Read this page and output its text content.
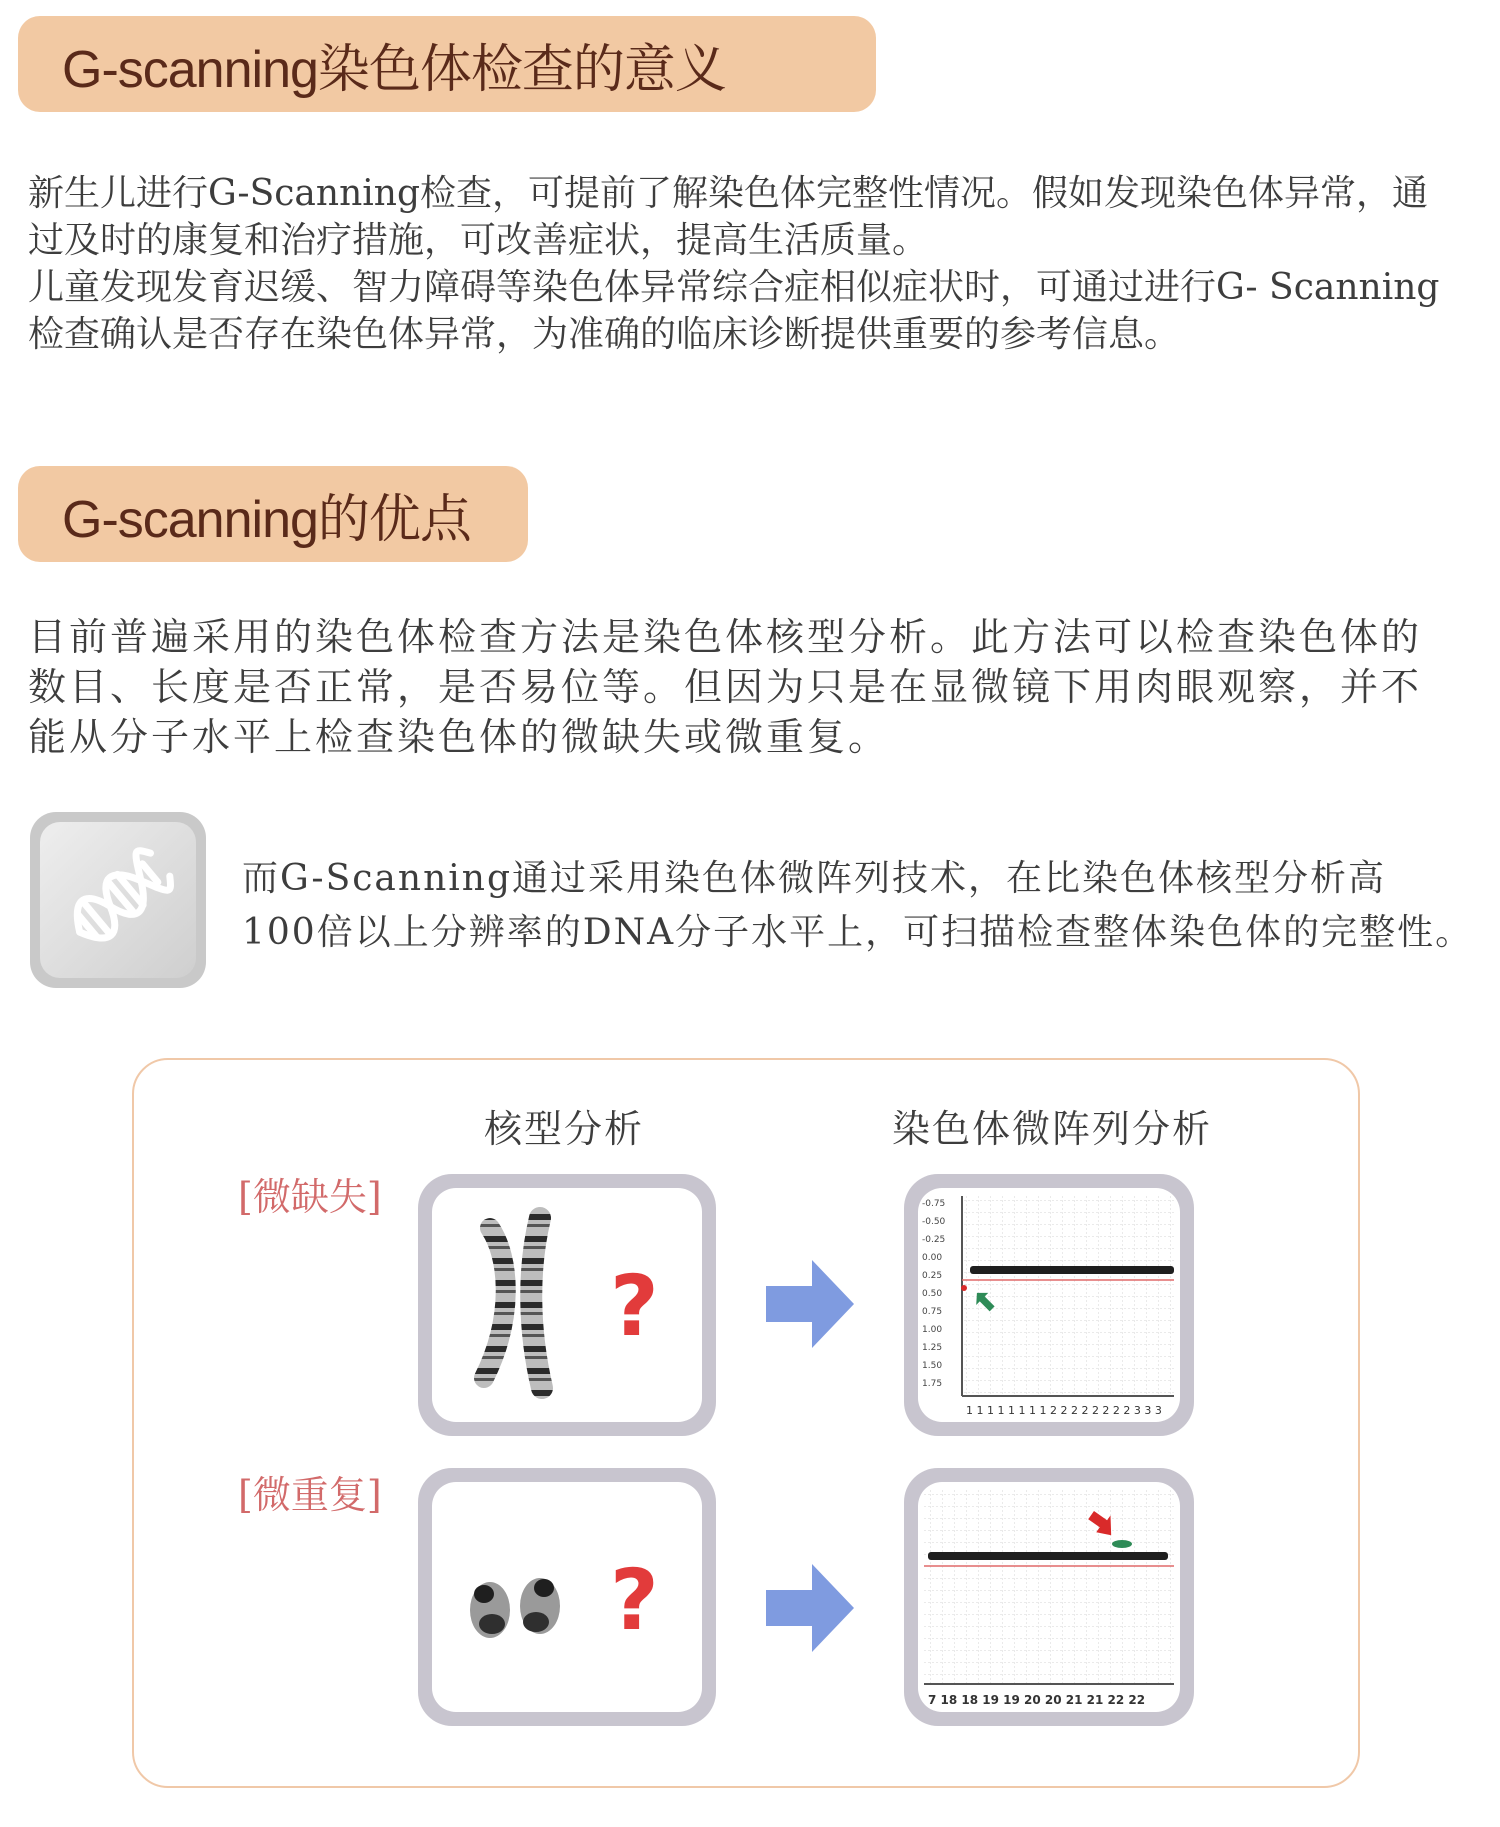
G-scanning染色体检查的意义

新生儿进行G-Scanning检查，可提前了解染色体完整性情况。假如发现染色体异常，通

过及时的康复和治疗措施，可改善症状，提高生活质量。

儿童发现发育迟缓、智力障碍等染色体异常综合症相似症状时，可通过进行G- Scanning

检查确认是否存在染色体异常，为准确的临床诊断提供重要的参考信息。

G-scanning的优点

目前普遍采用的染色体检查方法是染色体核型分析。此方法可以检查染色体的

数目、长度是否正常，是否易位等。但因为只是在显微镜下用肉眼观察，并不

能从分子水平上检查染色体的微缺失或微重复。

而G-Scanning通过采用染色体微阵列技术，在比染色体核型分析高

100倍以上分辨率的DNA分子水平上，可扫描检查整体染色体的完整性。

核型分析	染色体微阵列分析
[微缺失]
[微重复]
?
?
-0.75
-0.50
-0.25
0.00
0.25
0.50
0.75
1.00
1.25
1.50
1.75
1 1 1 1 1 1 1 1 2 2 2 2 2 2 2 2 3 3 3
7 18 18 19 19 20 20 21 21 22 22
